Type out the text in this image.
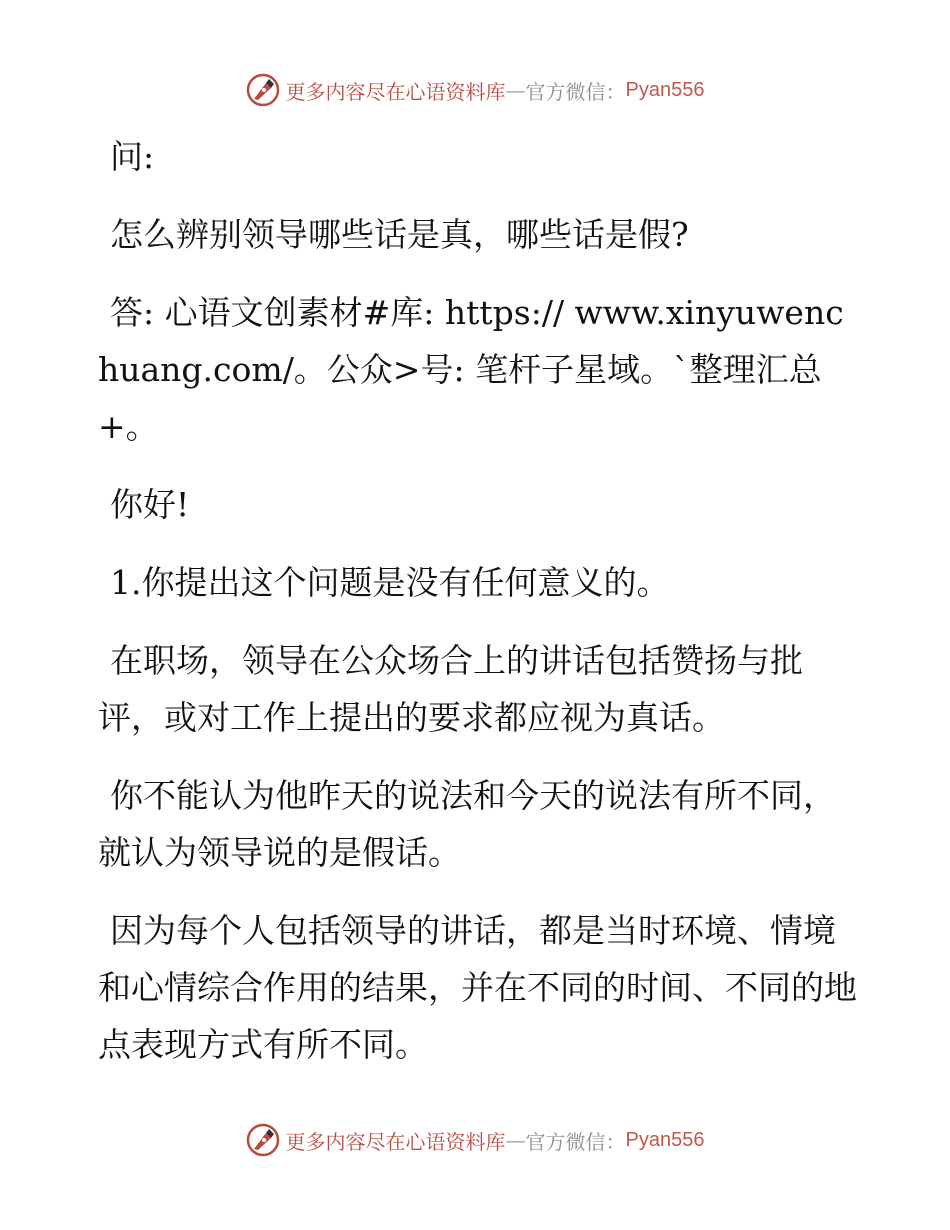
更多内容尽在心语资料库 — 官方微信： Pyan556

问:

怎么辨别领导哪些话是真，哪些话是假?

答: 心语文创素材#库: https:// www.xinyuwenchuang.com/。公众>号: 笔杆子星域。`整理汇总+。

你好!

1.你提出这个问题是没有任何意义的。

在职场，领导在公众场合上的讲话包括赞扬与批评，或对工作上提出的要求都应视为真话。

你不能认为他昨天的说法和今天的说法有所不同，就认为领导说的是假话。

因为每个人包括领导的讲话，都是当时环境、情境和心情综合作用的结果，并在不同的时间、不同的地点表现方式有所不同。

更多内容尽在心语资料库 — 官方微信： Pyan556
